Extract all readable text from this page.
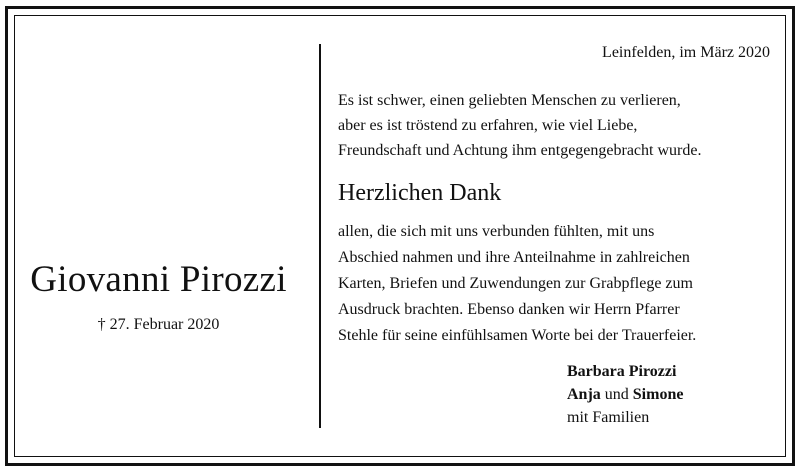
Giovanni Pirozzi
† 27. Februar 2020
Leinfelden, im März 2020
Es ist schwer, einen geliebten Menschen zu verlieren,
aber es ist tröstend zu erfahren, wie viel Liebe,
Freundschaft und Achtung ihm entgegengebracht wurde.
Herzlichen Dank
allen, die sich mit uns verbunden fühlten, mit uns
Abschied nahmen und ihre Anteilnahme in zahlreichen
Karten, Briefen und Zuwendungen zur Grabpflege zum
Ausdruck brachten. Ebenso danken wir Herrn Pfarrer
Stehle für seine einfühlsamen Worte bei der Trauerfeier.
Barbara Pirozzi
Anja und Simone
mit Familien
